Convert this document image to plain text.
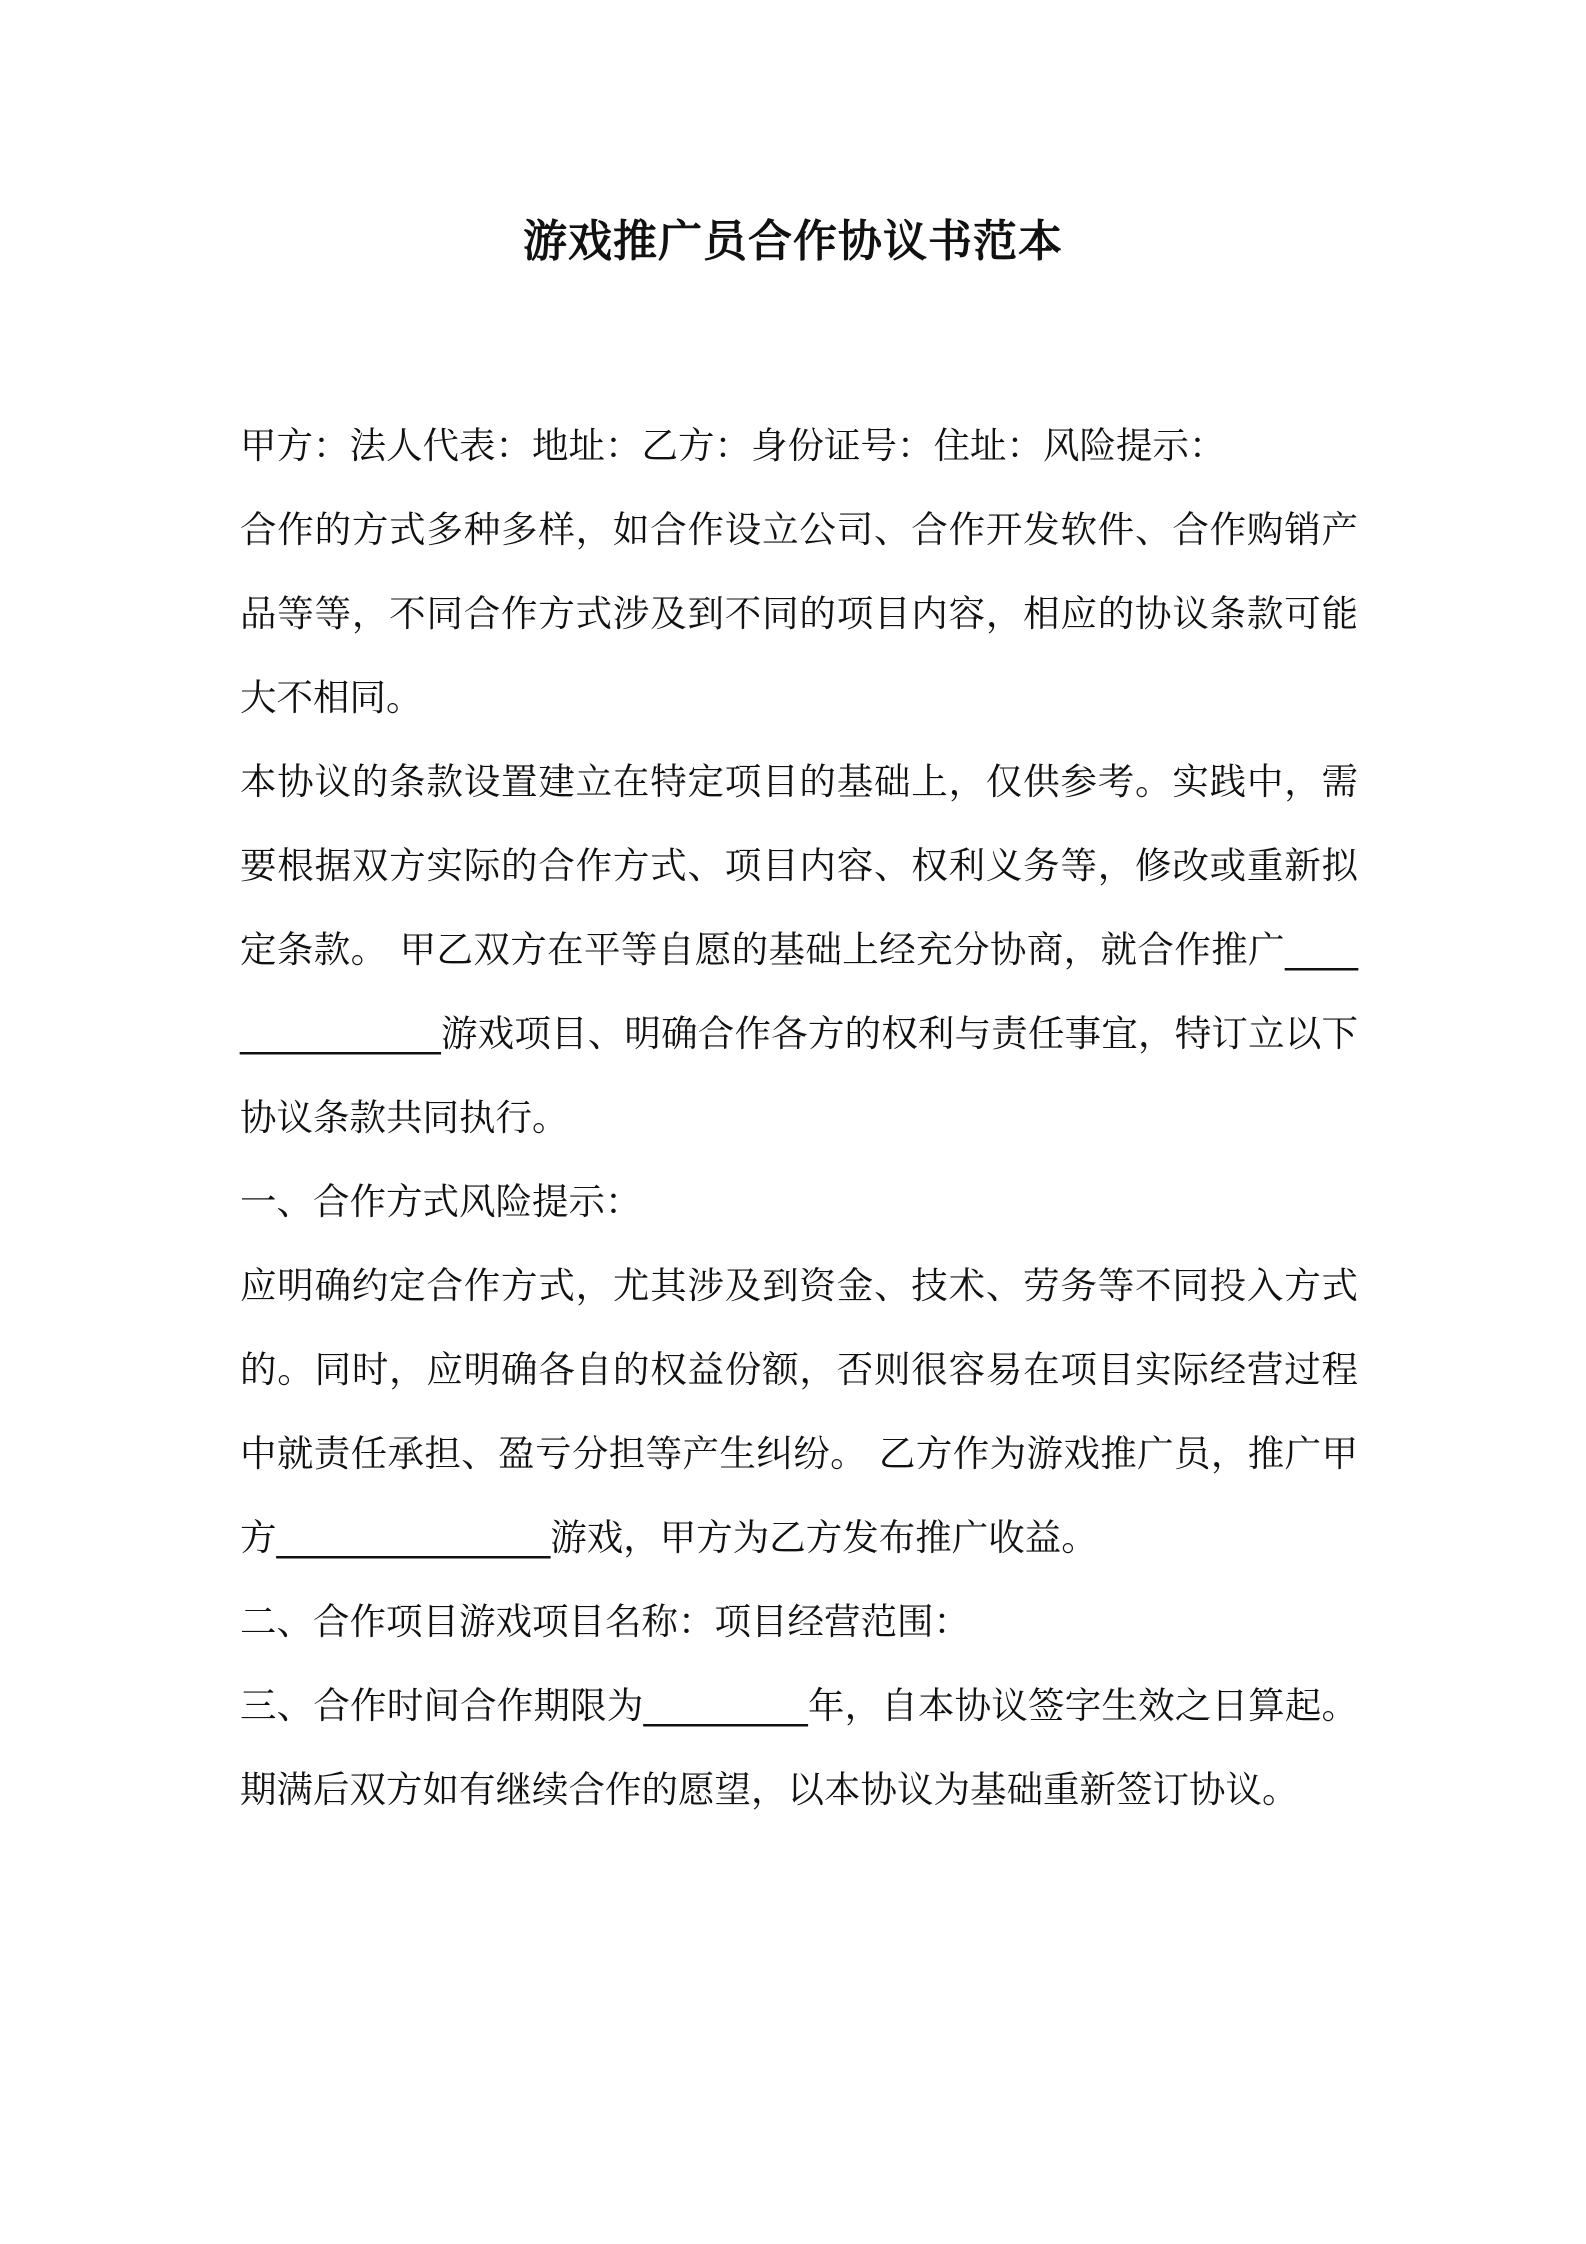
游戏推广员合作协议书范本

甲方：法人代表：地址：乙方：身份证号：住址：风险提示：

合作的方式多种多样，如合作设立公司、合作开发软件、合作购销产品等等，不同合作方式涉及到不同的项目内容，相应的协议条款可能大不相同。

本协议的条款设置建立在特定项目的基础上，仅供参考。实践中，需要根据双方实际的合作方式、项目内容、权利义务等，修改或重新拟定条款。 甲乙双方在平等自愿的基础上经充分协商，就合作推广_______________游戏项目、明确合作各方的权利与责任事宜，特订立以下协议条款共同执行。

一、合作方式风险提示：

应明确约定合作方式，尤其涉及到资金、技术、劳务等不同投入方式的。同时，应明确各自的权益份额，否则很容易在项目实际经营过程中就责任承担、盈亏分担等产生纠纷。 乙方作为游戏推广员，推广甲方_______________游戏，甲方为乙方发布推广收益。

二、合作项目游戏项目名称：项目经营范围：

三、合作时间合作期限为_________年，自本协议签字生效之日算起。期满后双方如有继续合作的愿望，以本协议为基础重新签订协议。
